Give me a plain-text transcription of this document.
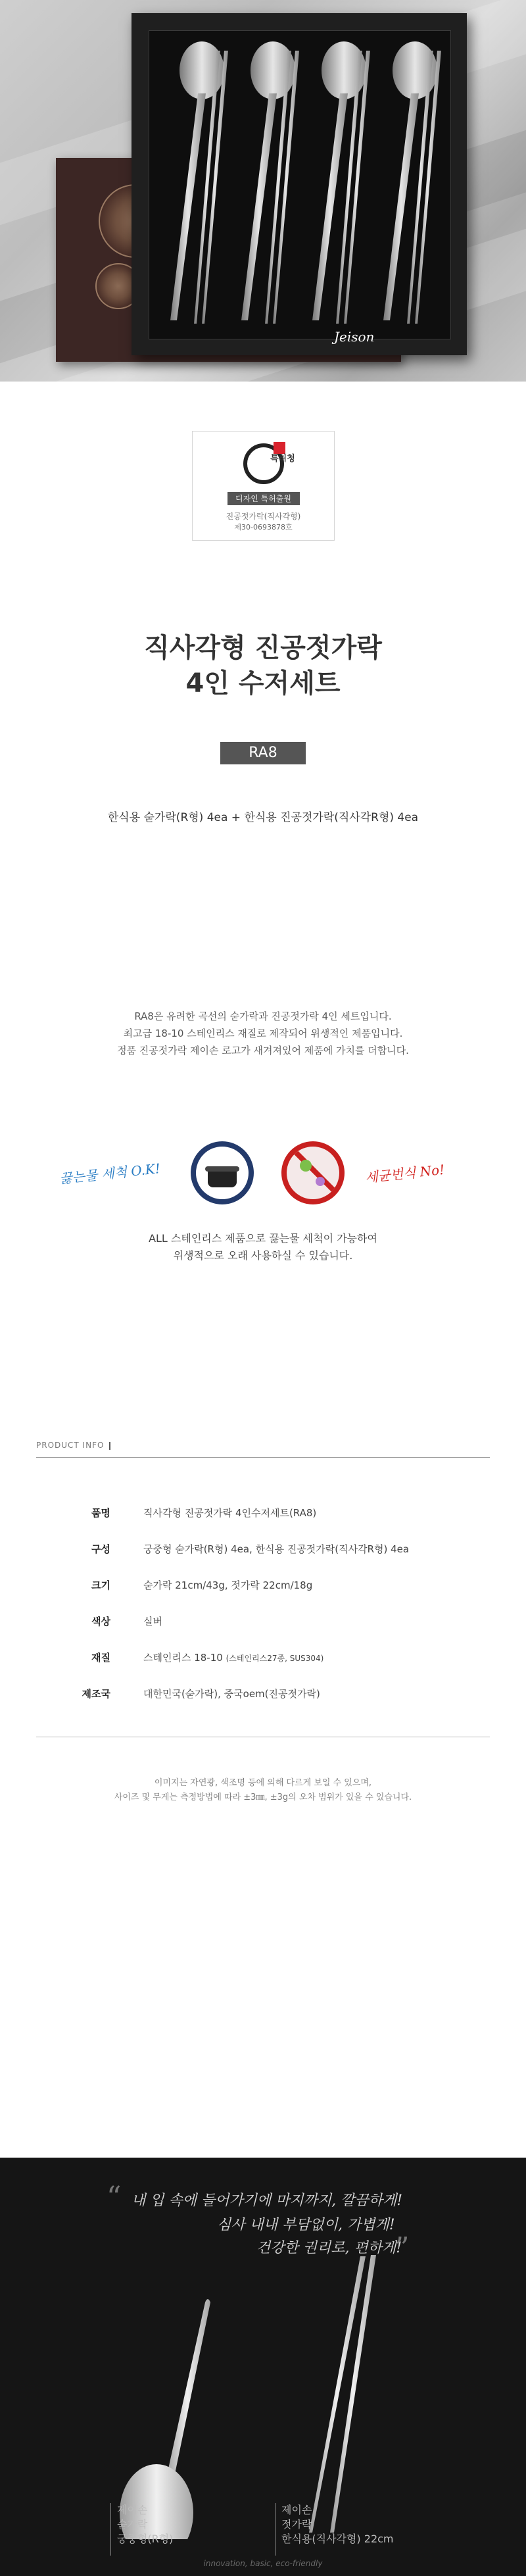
Jeison
특허청
디자인 특허출원
진공젓가락(직사각형)
제30-0693878호
직사각형 진공젓가락
4인 수저세트
RA8
한식용 숟가락(R형) 4ea + 한식용 진공젓가락(직사각R형) 4ea
RA8은 유려한 곡선의 숟가락과 진공젓가락 4인 세트입니다.
최고급 18-10 스테인리스 재질로 제작되어 위생적인 제품입니다.
정품 진공젓가락 제이손 로고가 새겨져있어 제품에 가치를 더합니다.
끓는물 세척 O.K!	세균번식 No!
ALL 스테인리스 제품으로 끓는물 세척이 가능하여
위생적으로 오래 사용하실 수 있습니다.
PRODUCT INFO
품명	직사각형 진공젓가락 4인수저세트(RA8)
구성	궁중형 숟가락(R형) 4ea, 한식용 진공젓가락(직사각R형) 4ea
크기	숟가락 21cm/43g, 젓가락 22cm/18g
색상	실버
재질	스테인리스 18-10 (스테인리스27종, SUS304)
제조국	대한민국(숟가락), 중국oem(진공젓가락)
이미지는 자연광, 색조명 등에 의해 다르게 보일 수 있으며,
사이즈 및 무게는 측정방법에 따라 ±3㎜, ±3g의 오차 범위가 있을 수 있습니다.
“ 내 입 속에 들어가기에 마지까지, 깔끔하게!
심사 내내 부담없이, 가볍게!
건강한 권리로, 편하게!
”
제이손
숟가락
궁중형(R형)
제이손
젓가락
한식용(직사각형) 22cm
innovation, basic, eco-friendly
